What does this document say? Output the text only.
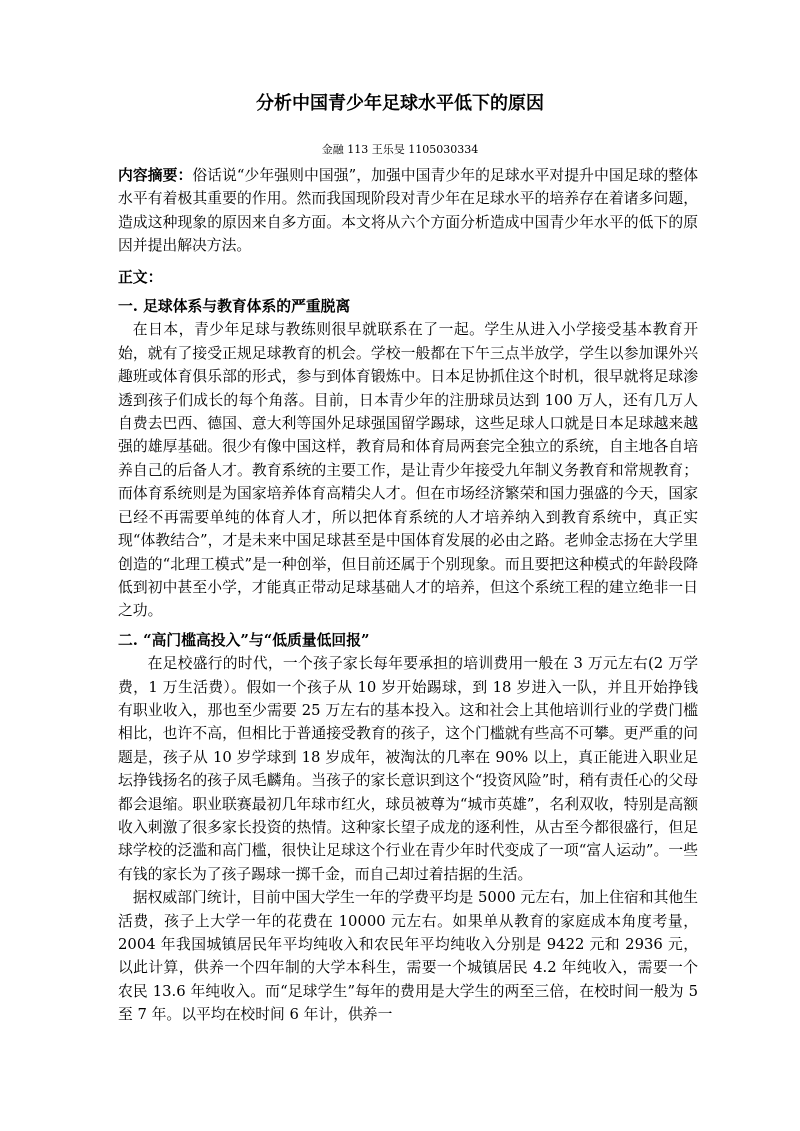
分析中国青少年足球水平低下的原因
金融 113 王乐旻 1105030334

内容摘要：俗话说“少年强则中国强”，加强中国青少年的足球水平对提升中国足球的整体水平有着极其重要的作用。然而我国现阶段对青少年在足球水平的培养存在着诸多问题，造成这种现象的原因来自多方面。本文将从六个方面分析造成中国青少年水平的低下的原因并提出解决方法。

正文：

一. 足球体系与教育体系的严重脱离

在日本，青少年足球与教练则很早就联系在了一起。学生从进入小学接受基本教育开始，就有了接受正规足球教育的机会。学校一般都在下午三点半放学，学生以参加课外兴趣班或体育俱乐部的形式，参与到体育锻炼中。日本足协抓住这个时机，很早就将足球渗透到孩子们成长的每个角落。目前，日本青少年的注册球员达到 100 万人，还有几万人自费去巴西、德国、意大利等国外足球强国留学踢球，这些足球人口就是日本足球越来越强的雄厚基础。很少有像中国这样，教育局和体育局两套完全独立的系统，自主地各自培养自己的后备人才。教育系统的主要工作，是让青少年接受九年制义务教育和常规教育；而体育系统则是为国家培养体育高精尖人才。但在市场经济繁荣和国力强盛的今天，国家已经不再需要单纯的体育人才，所以把体育系统的人才培养纳入到教育系统中，真正实现“体教结合”，才是未来中国足球甚至是中国体育发展的必由之路。老帅金志扬在大学里创造的“北理工模式”是一种创举，但目前还属于个别现象。而且要把这种模式的年龄段降低到初中甚至小学，才能真正带动足球基础人才的培养，但这个系统工程的建立绝非一日之功。

二. “高门槛高投入”与“低质量低回报”

在足校盛行的时代，一个孩子家长每年要承担的培训费用一般在 3 万元左右(2 万学费，1 万生活费）。假如一个孩子从 10 岁开始踢球，到 18 岁进入一队，并且开始挣钱有职业收入，那也至少需要 25 万左右的基本投入。这和社会上其他培训行业的学费门槛相比，也许不高，但相比于普通接受教育的孩子，这个门槛就有些高不可攀。更严重的问题是，孩子从 10 岁学球到 18 岁成年，被淘汰的几率在 90% 以上，真正能进入职业足坛挣钱扬名的孩子凤毛麟角。当孩子的家长意识到这个“投资风险”时，稍有责任心的父母都会退缩。职业联赛最初几年球市红火，球员被尊为“城市英雄”，名利双收，特别是高额收入刺激了很多家长投资的热情。这种家长望子成龙的逐利性，从古至今都很盛行，但足球学校的泛滥和高门槛，很快让足球这个行业在青少年时代变成了一项“富人运动”。一些有钱的家长为了孩子踢球一掷千金，而自己却过着拮据的生活。

据权威部门统计，目前中国大学生一年的学费平均是 5000 元左右，加上住宿和其他生活费，孩子上大学一年的花费在 10000 元左右。如果单从教育的家庭成本角度考量，2004 年我国城镇居民年平均纯收入和农民年平均纯收入分别是 9422 元和 2936 元，以此计算，供养一个四年制的大学本科生，需要一个城镇居民 4.2 年纯收入，需要一个农民 13.6 年纯收入。而“足球学生”每年的费用是大学生的两至三倍，在校时间一般为 5 至 7 年。以平均在校时间 6 年计，供养一
